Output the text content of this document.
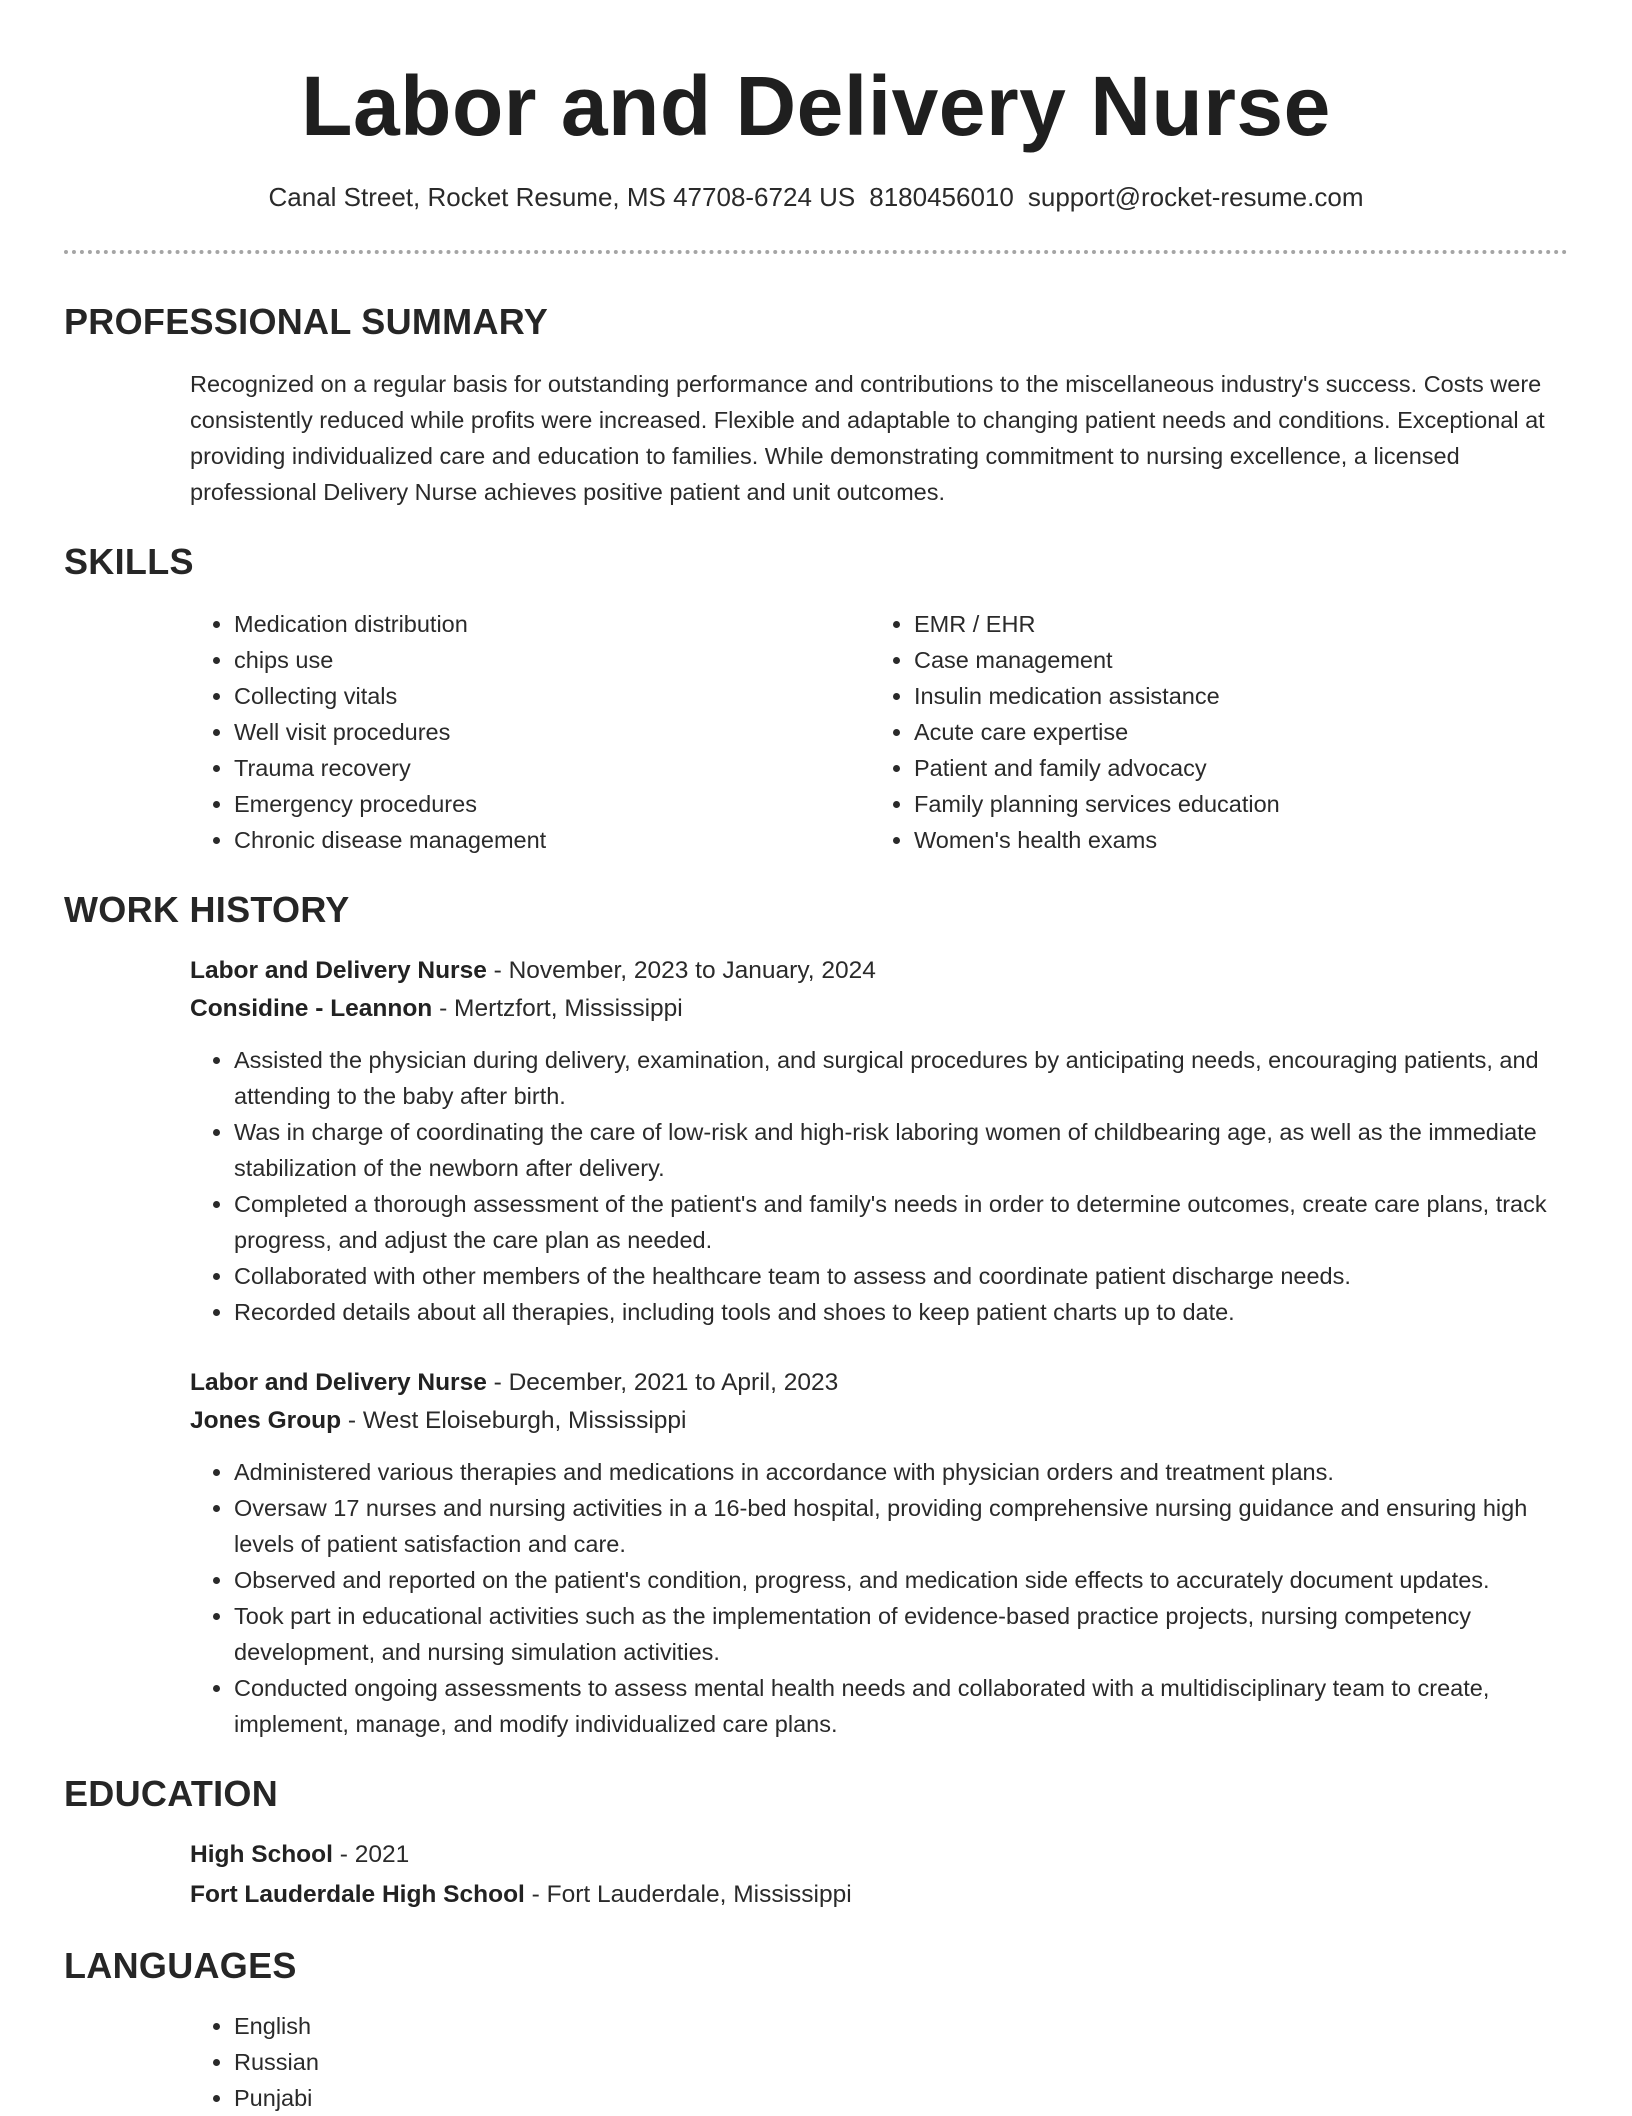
Labor and Delivery Nurse
Canal Street, Rocket Resume, MS 47708-6724 US 8180456010 support@rocket-resume.com
PROFESSIONAL SUMMARY
Recognized on a regular basis for outstanding performance and contributions to the miscellaneous industry's success. Costs were consistently reduced while profits were increased. Flexible and adaptable to changing patient needs and conditions. Exceptional at providing individualized care and education to families. While demonstrating commitment to nursing excellence, a licensed professional Delivery Nurse achieves positive patient and unit outcomes.
SKILLS
• Medication distribution
• chips use
• Collecting vitals
• Well visit procedures
• Trauma recovery
• Emergency procedures
• Chronic disease management
• EMR / EHR
• Case management
• Insulin medication assistance
• Acute care expertise
• Patient and family advocacy
• Family planning services education
• Women's health exams
WORK HISTORY
Labor and Delivery Nurse - November, 2023 to January, 2024
Considine - Leannon - Mertzfort, Mississippi
• Assisted the physician during delivery, examination, and surgical procedures by anticipating needs, encouraging patients, and attending to the baby after birth.
• Was in charge of coordinating the care of low-risk and high-risk laboring women of childbearing age, as well as the immediate stabilization of the newborn after delivery.
• Completed a thorough assessment of the patient's and family's needs in order to determine outcomes, create care plans, track progress, and adjust the care plan as needed.
• Collaborated with other members of the healthcare team to assess and coordinate patient discharge needs.
• Recorded details about all therapies, including tools and shoes to keep patient charts up to date.
Labor and Delivery Nurse - December, 2021 to April, 2023
Jones Group - West Eloiseburgh, Mississippi
• Administered various therapies and medications in accordance with physician orders and treatment plans.
• Oversaw 17 nurses and nursing activities in a 16-bed hospital, providing comprehensive nursing guidance and ensuring high levels of patient satisfaction and care.
• Observed and reported on the patient's condition, progress, and medication side effects to accurately document updates.
• Took part in educational activities such as the implementation of evidence-based practice projects, nursing competency development, and nursing simulation activities.
• Conducted ongoing assessments to assess mental health needs and collaborated with a multidisciplinary team to create, implement, manage, and modify individualized care plans.
EDUCATION
High School - 2021
Fort Lauderdale High School - Fort Lauderdale, Mississippi
LANGUAGES
• English
• Russian
• Punjabi
